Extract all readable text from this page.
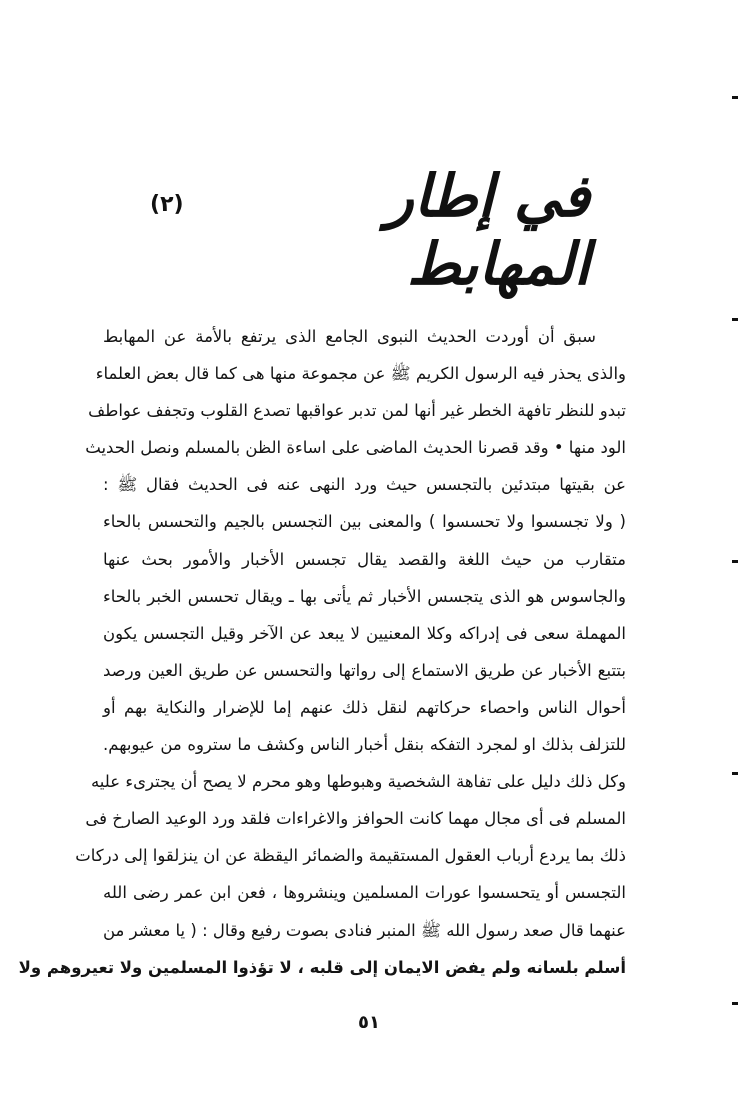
في إطار المهابط
(٢)
سبق أن أوردت الحديث النبوى الجامع الذى يرتفع بالأمة عن المهابط
والذى يحذر فيه الرسول الكريم ﷺ عن مجموعة منها هى كما قال بعض العلماء
تبدو للنظر تافهة الخطر غير أنها لمن تدبر عواقبها تصدع القلوب وتجفف عواطف
الود منها • وقد قصرنا الحديث الماضى على اساءة الظن بالمسلم ونصل الحديث
عن بقيتها مبتدئين بالتجسس حيث ورد النهى عنه فى الحديث فقال ﷺ :
( ولا تجسسوا ولا تحسسوا ) والمعنى بين التجسس بالجيم والتحسس بالحاء
متقارب من حيث اللغة والقصد يقال تجسس الأخبار والأمور بحث عنها
والجاسوس هو الذى يتجسس الأخبار ثم يأتى بها ـ ويقال تحسس الخبر بالحاء
المهملة سعى فى إدراكه وكلا المعنيين لا يبعد عن الآخر وقيل التجسس يكون
بتتبع الأخبار عن طريق الاستماع إلى رواتها والتحسس عن طريق العين ورصد
أحوال الناس واحصاء حركاتهم لنقل ذلك عنهم إما للإضرار والنكاية بهم أو
للتزلف بذلك او لمجرد التفكه بنقل أخبار الناس وكشف ما ستروه من عيوبهم.
وكل ذلك دليل على تفاهة الشخصية وهبوطها وهو محرم لا يصح أن يجترىء عليه
المسلم فى أى مجال مهما كانت الحوافز والاغراءات فلقد ورد الوعيد الصارخ فى
ذلك بما يردع أرباب العقول المستقيمة والضمائر اليقظة عن ان ينزلقوا إلى دركات
التجسس أو يتحسسوا عورات المسلمين وينشروها ، فعن ابن عمر رضى الله
عنهما قال صعد رسول الله ﷺ المنبر فنادى بصوت رفيع وقال : ( يا معشر من
أسلم بلسانه ولم يفض الايمان إلى قلبه ، لا تؤذوا المسلمين ولا تعيروهم ولا
٥١
